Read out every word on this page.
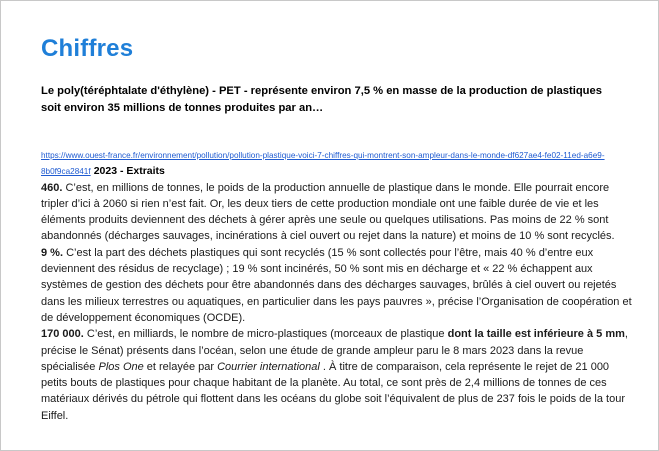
Chiffres
Le poly(téréphtalate d'éthylène) - PET - représente environ 7,5 % en masse de la production de plastiques soit environ 35 millions de tonnes produites par an…

https://www.ouest-france.fr/environnement/pollution/pollution-plastique-voici-7-chiffres-qui-montrent-son-ampleur-dans-le-monde-df627ae4-fe02-11ed-a6e9-8b0f9ca2841f 2023 - Extraits

460. C’est, en millions de tonnes, le poids de la production annuelle de plastique dans le monde. Elle pourrait encore tripler d’ici à 2060 si rien n’est fait. Or, les deux tiers de cette production mondiale ont une faible durée de vie et les éléments produits deviennent des déchets à gérer après une seule ou quelques utilisations. Pas moins de 22 % sont abandonnés (décharges sauvages, incinérations à ciel ouvert ou rejet dans la nature) et moins de 10 % sont recyclés.

9 %. C’est la part des déchets plastiques qui sont recyclés (15 % sont collectés pour l’être, mais 40 % d’entre eux deviennent des résidus de recyclage) ; 19 % sont incinérés, 50 % sont mis en décharge et « 22 % échappent aux systèmes de gestion des déchets pour être abandonnés dans des décharges sauvages, brûlés à ciel ouvert ou rejetés dans les milieux terrestres ou aquatiques, en particulier dans les pays pauvres », précise l’Organisation de coopération et de développement économiques (OCDE).

170 000. C’est, en milliards, le nombre de micro-plastiques (morceaux de plastique dont la taille est inférieure à 5 mm, précise le Sénat) présents dans l’océan, selon une étude de grande ampleur paru le 8 mars 2023 dans la revue spécialisée Plos One et relayée par Courrier international . À titre de comparaison, cela représente le rejet de 21 000 petits bouts de plastiques pour chaque habitant de la planète. Au total, ce sont près de 2,4 millions de tonnes de ces matériaux dérivés du pétrole qui flottent dans les océans du globe soit l’équivalent de plus de 237 fois le poids de la tour Eiffel.
